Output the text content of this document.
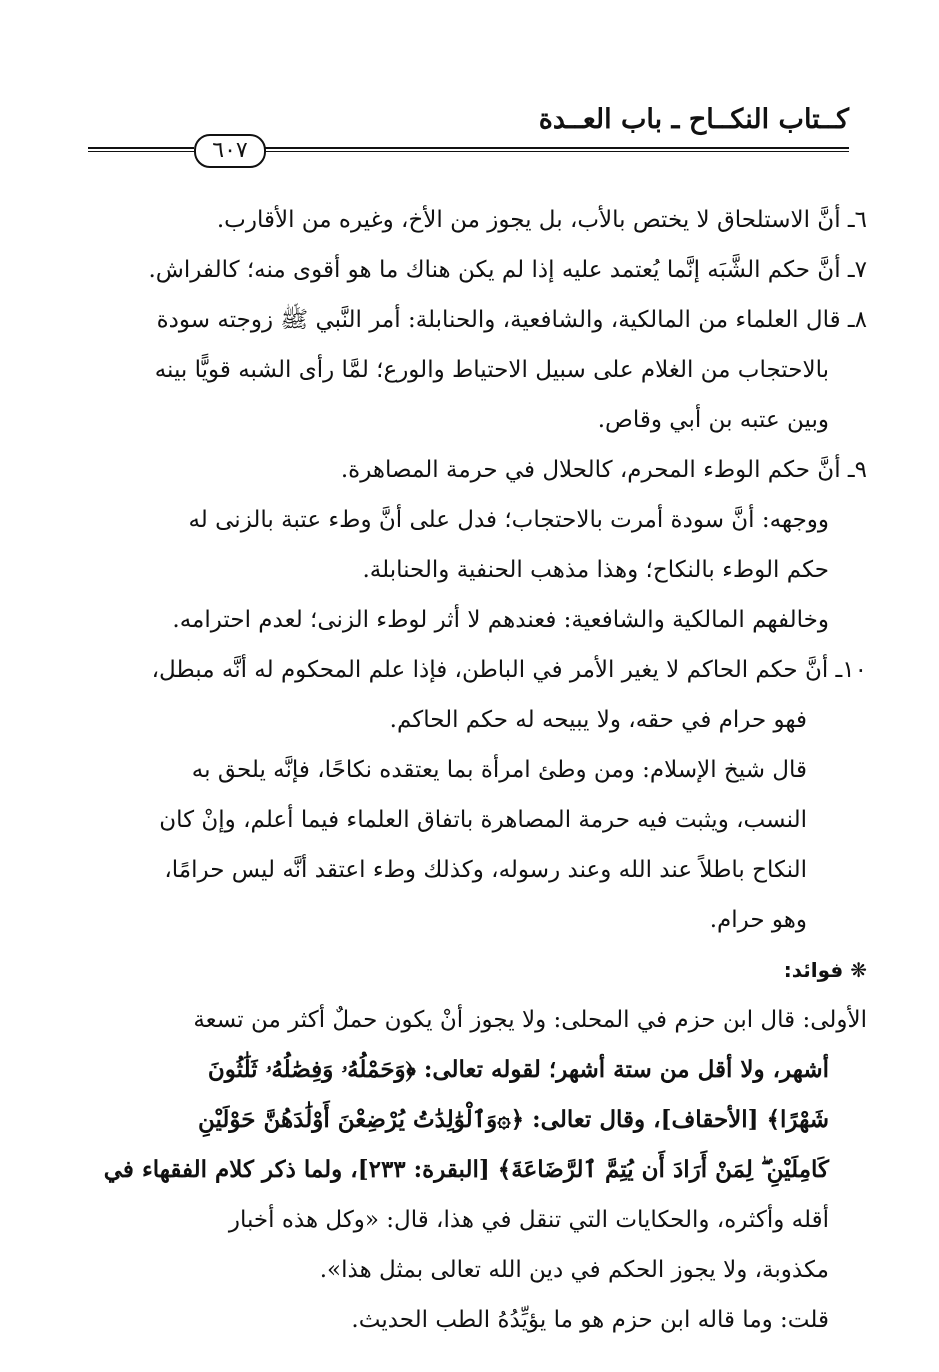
كــتاب النكــاح ـ باب العــدة
٦٠٧
٦ـ أنَّ الاستلحاق لا يختص بالأب، بل يجوز من الأخ، وغيره من الأقارب.
٧ـ أنَّ حكم الشَّبَه إنَّما يُعتمد عليه إذا لم يكن هناك ما هو أقوى منه؛ كالفراش.
٨ـ قال العلماء من المالكية، والشافعية، والحنابلة: أمر النَّبي ﷺ زوجته سودة
بالاحتجاب من الغلام على سبيل الاحتياط والورع؛ لمَّا رأى الشبه قويًّا بينه
وبين عتبه بن أبي وقاص.
٩ـ أنَّ حكم الوطء المحرم، كالحلال في حرمة المصاهرة.
ووجهه: أنَّ سودة أمرت بالاحتجاب؛ فدل على أنَّ وطء عتبة بالزنى له
حكم الوطء بالنكاح؛ وهذا مذهب الحنفية والحنابلة.
وخالفهم المالكية والشافعية: فعندهم لا أثر لوطء الزنى؛ لعدم احترامه.
١٠ـ أنَّ حكم الحاكم لا يغير الأمر في الباطن، فإذا علم المحكوم له أنَّه مبطل،
فهو حرام في حقه، ولا يبيحه له حكم الحاكم.
قال شيخ الإسلام: ومن وطئ امرأة بما يعتقده نكاحًا، فإنَّه يلحق به
النسب، ويثبت فيه حرمة المصاهرة باتفاق العلماء فيما أعلم، وإنْ كان
النكاح باطلاً عند الله وعند رسوله، وكذلك وطء اعتقد أنَّه ليس حرامًا،
وهو حرام.
❋ فوائد:
الأولى: قال ابن حزم في المحلى: ولا يجوز أنْ يكون حملٌ أكثر من تسعة
أشهر، ولا أقل من ستة أشهر؛ لقوله تعالى: ﴿وَحَمْلُهُۥ وَفِصَٰلُهُۥ ثَلَٰثُونَ
شَهْرًا﴾ [الأحقاف]، وقال تعالى: ﴿۞وَٱلْوَٰلِدَٰتُ يُرْضِعْنَ أَوْلَٰدَهُنَّ حَوْلَيْنِ
كَامِلَيْنِ ۖ لِمَنْ أَرَادَ أَن يُتِمَّ ٱلرَّضَاعَةَ﴾ [البقرة: ٢٣٣]، ولما ذكر كلام الفقهاء في
أقله وأكثره، والحكايات التي تنقل في هذا، قال: «وكل هذه أخبار
مكذوبة، ولا يجوز الحكم في دين الله تعالى بمثل هذا».
قلت: وما قاله ابن حزم هو ما يؤيِّدُهُ الطب الحديث.
